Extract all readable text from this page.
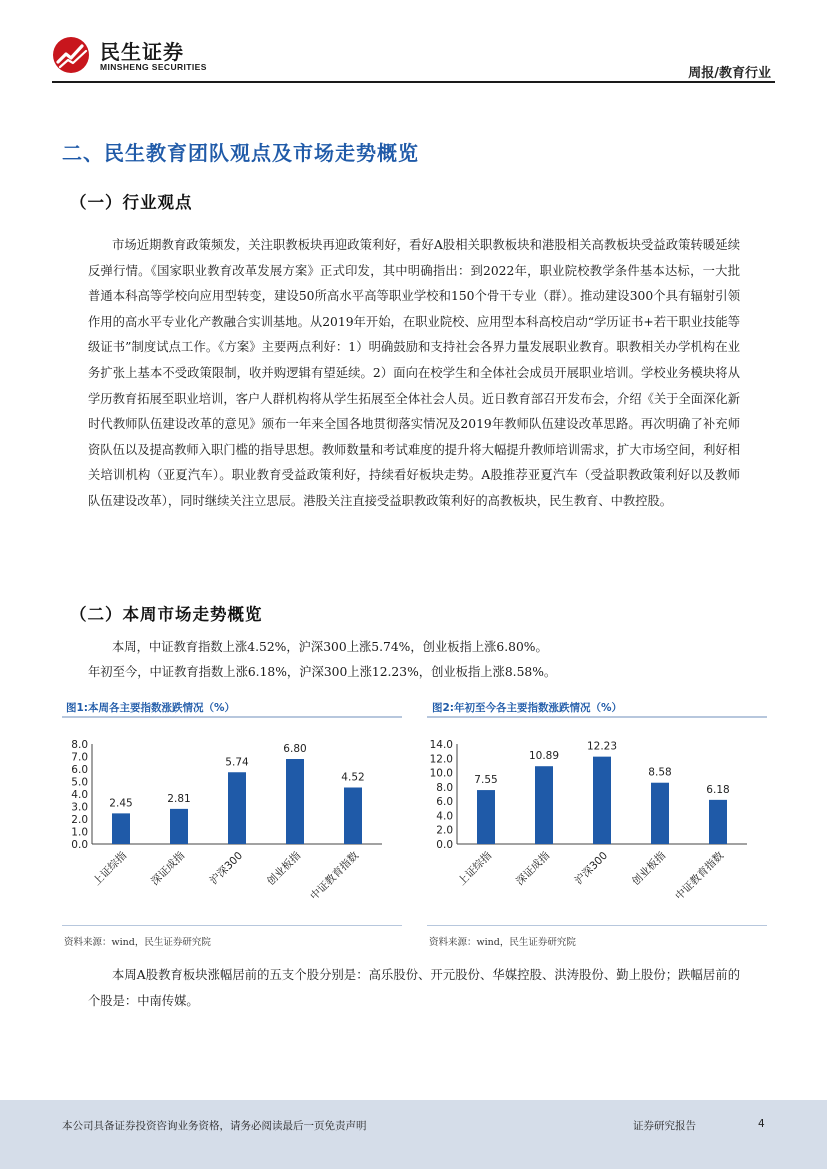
民生证券
MINSHENG SECURITIES	周报/教育行业
二、民生教育团队观点及市场走势概览
（一）行业观点

市场近期教育政策频发，关注职教板块再迎政策利好，看好A股相关职教板块和港股相关高教板块受益政策转暖延续反弹行情。《国家职业教育改革发展方案》正式印发，其中明确指出：到2022年，职业院校教学条件基本达标，一大批普通本科高等学校向应用型转变，建设50所高水平高等职业学校和150个骨干专业（群）。推动建设300个具有辐射引领作用的高水平专业化产教融合实训基地。从2019年开始，在职业院校、应用型本科高校启动“学历证书+若干职业技能等级证书”制度试点工作。《方案》主要两点利好：1）明确鼓励和支持社会各界力量发展职业教育。职教相关办学机构在业务扩张上基本不受政策限制，收并购逻辑有望延续。2）面向在校学生和全体社会成员开展职业培训。学校业务模块将从学历教育拓展至职业培训，客户人群机构将从学生拓展至全体社会人员。近日教育部召开发布会，介绍《关于全面深化新时代教师队伍建设改革的意见》颁布一年来全国各地贯彻落实情况及2019年教师队伍建设改革思路。再次明确了补充师资队伍以及提高教师入职门槛的指导思想。教师数量和考试难度的提升将大幅提升教师培训需求，扩大市场空间，利好相关培训机构（亚夏汽车）。职业教育受益政策利好，持续看好板块走势。A股推荐亚夏汽车（受益职教政策利好以及教师队伍建设改革），同时继续关注立思辰。港股关注直接受益职教政策利好的高教板块，民生教育、中教控股。

（二）本周市场走势概览
本周，中证教育指数上涨4.52%，沪深300上涨5.74%，创业板指上涨6.80%。
年初至今，中证教育指数上涨6.18%，沪深300上涨12.23%，创业板指上涨8.58%。
图1:本周各主要指数涨跌情况（%）
0.0
1.0
2.0
3.0
4.0
5.0
6.0
7.0
8.0
2.45
上证综指
2.81
深证成指
5.74
沪深300
6.80
创业板指
4.52
中证教育指数
资料来源：wind，民生证券研究院
图2:年初至今各主要指数涨跌情况（%）
0.0
2.0
4.0
6.0
8.0
10.0
12.0
14.0
7.55
上证综指
10.89
深证成指
12.23
沪深300
8.58
创业板指
6.18
中证教育指数
资料来源：wind，民生证券研究院

本周A股教育板块涨幅居前的五支个股分别是：高乐股份、开元股份、华媒控股、洪涛股份、勤上股份；跌幅居前的个股是：中南传媒。

本公司具备证券投资咨询业务资格，请务必阅读最后一页免责声明	证券研究报告	4
